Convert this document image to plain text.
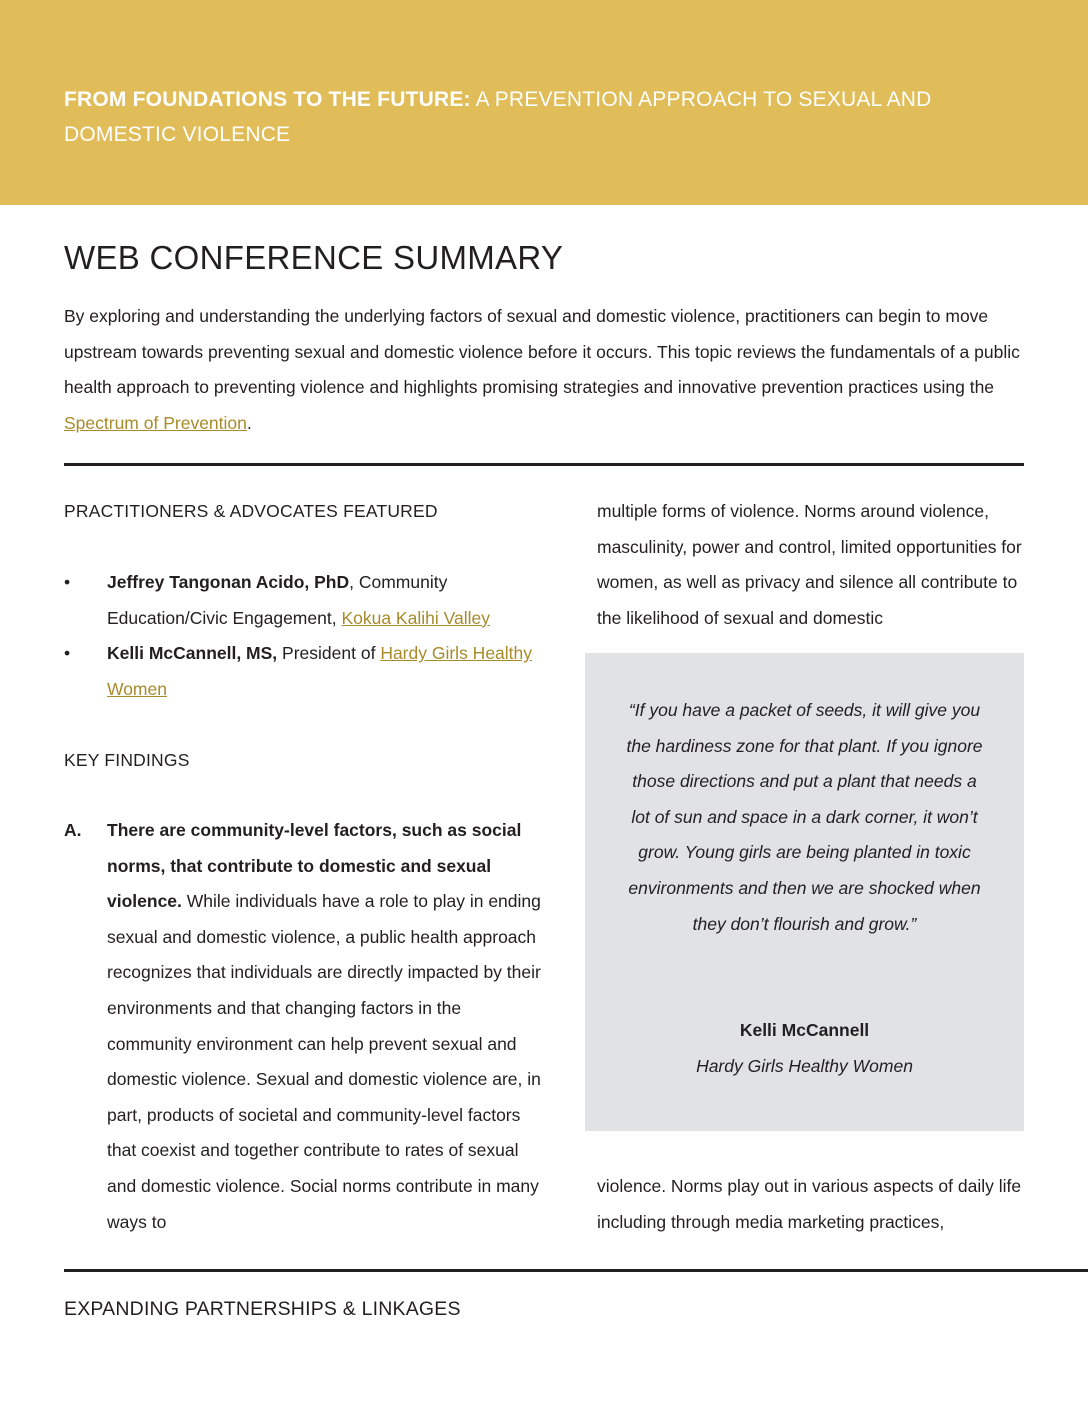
FROM FOUNDATIONS TO THE FUTURE: A PREVENTION APPROACH TO SEXUAL AND DOMESTIC VIOLENCE
WEB CONFERENCE SUMMARY

By exploring and understanding the underlying factors of sexual and domestic violence, practitioners can begin to move upstream towards preventing sexual and domestic violence before it occurs. This topic reviews the fundamentals of a public health approach to preventing violence and highlights promising strategies and innovative prevention practices using the Spectrum of Prevention.

PRACTITIONERS & ADVOCATES FEATURED
• Jeffrey Tangonan Acido, PhD, Community Education/Civic Engagement, Kokua Kalihi Valley
• Kelli McCannell, MS, President of Hardy Girls Healthy Women
KEY FINDINGS
A.	There are community-level factors, such as social norms, that contribute to domestic and sexual violence. While individuals have a role to play in ending sexual and domestic violence, a public health approach recognizes that individuals are directly impacted by their environments and that changing factors in the community environment can help prevent sexual and domestic violence. Sexual and domestic violence are, in part, products of societal and community-level factors that coexist and together contribute to rates of sexual and domestic violence. Social norms contribute in many ways to

multiple forms of violence. Norms around violence, masculinity, power and control, limited opportunities for women, as well as privacy and silence all contribute to the likelihood of sexual and domestic

“If you have a packet of seeds, it will give you the hardiness zone for that plant. If you ignore those directions and put a plant that needs a lot of sun and space in a dark corner, it won’t grow. Young girls are being planted in toxic environments and then we are shocked when they don’t flourish and grow.”

Kelli McCannell
Hardy Girls Healthy Women

violence. Norms play out in various aspects of daily life including through media marketing practices,

EXPANDING PARTNERSHIPS & LINKAGES
